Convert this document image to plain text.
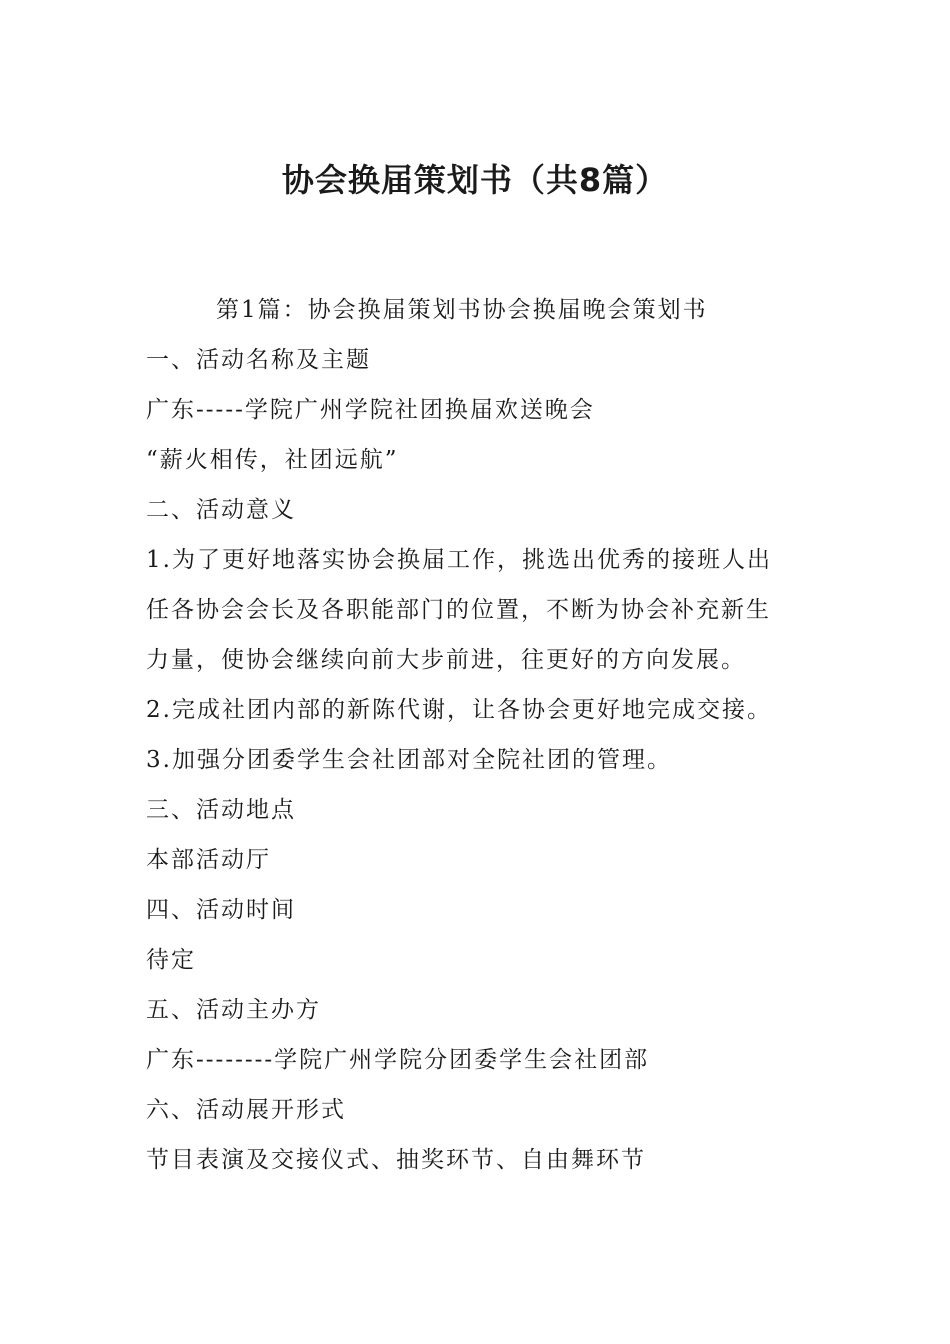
协会换届策划书（共8篇）
第1篇：协会换届策划书协会换届晚会策划书
一、活动名称及主题
广东-----学院广州学院社团换届欢送晚会
“薪火相传，社团远航”
二、活动意义
1.为了更好地落实协会换届工作，挑选出优秀的接班人出
任各协会会长及各职能部门的位置，不断为协会补充新生
力量，使协会继续向前大步前进，往更好的方向发展。
2.完成社团内部的新陈代谢，让各协会更好地完成交接。
3.加强分团委学生会社团部对全院社团的管理。
三、活动地点
本部活动厅
四、活动时间
待定
五、活动主办方
广东--------学院广州学院分团委学生会社团部
六、活动展开形式
节目表演及交接仪式、抽奖环节、自由舞环节
